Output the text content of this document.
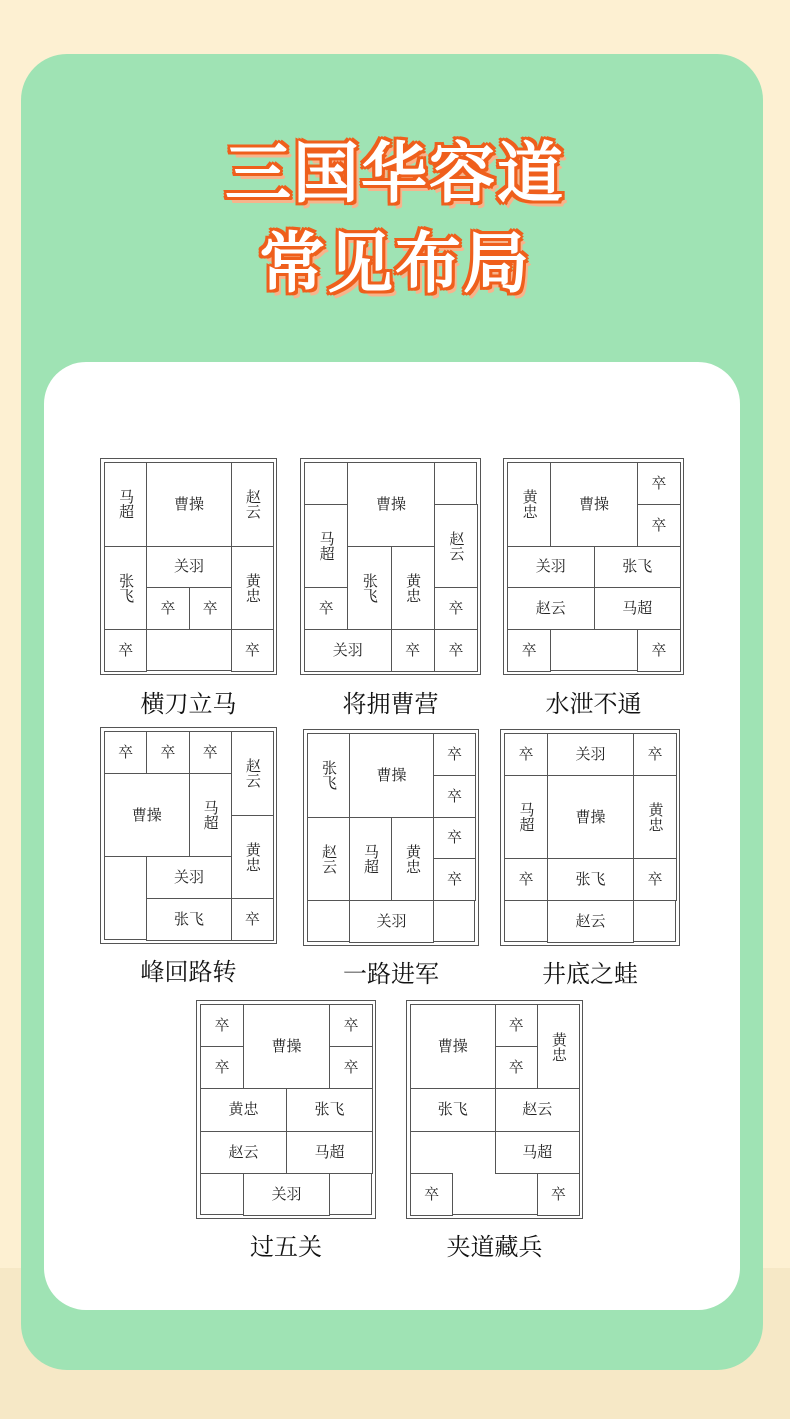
三国华容道
常见布局
马超	曹操	赵云
张飞
关羽
黄忠
卒 卒
卒	卒
横刀立马
曹操
马超	赵云
张飞 黄忠
卒	卒
关羽	卒 卒
将拥曹营
黄忠	曹操
卒
卒
关羽	张飞
赵云	马超
卒	卒
水泄不通
卒 卒 卒
赵云
曹操	马超
黄忠
关羽
张飞	卒
峰回路转
张飞	曹操
卒
卒
赵云 马超 黄忠
卒
卒
关羽
一路进军
卒	关羽	卒
马超	曹操	黄忠
卒	张飞	卒
赵云
井底之蛙
卒
曹操
卒
卒	卒
黄忠	张飞
赵云	马超
关羽
过五关
曹操
卒
卒
黄忠
张飞	赵云
马超
卒	卒
夹道藏兵
